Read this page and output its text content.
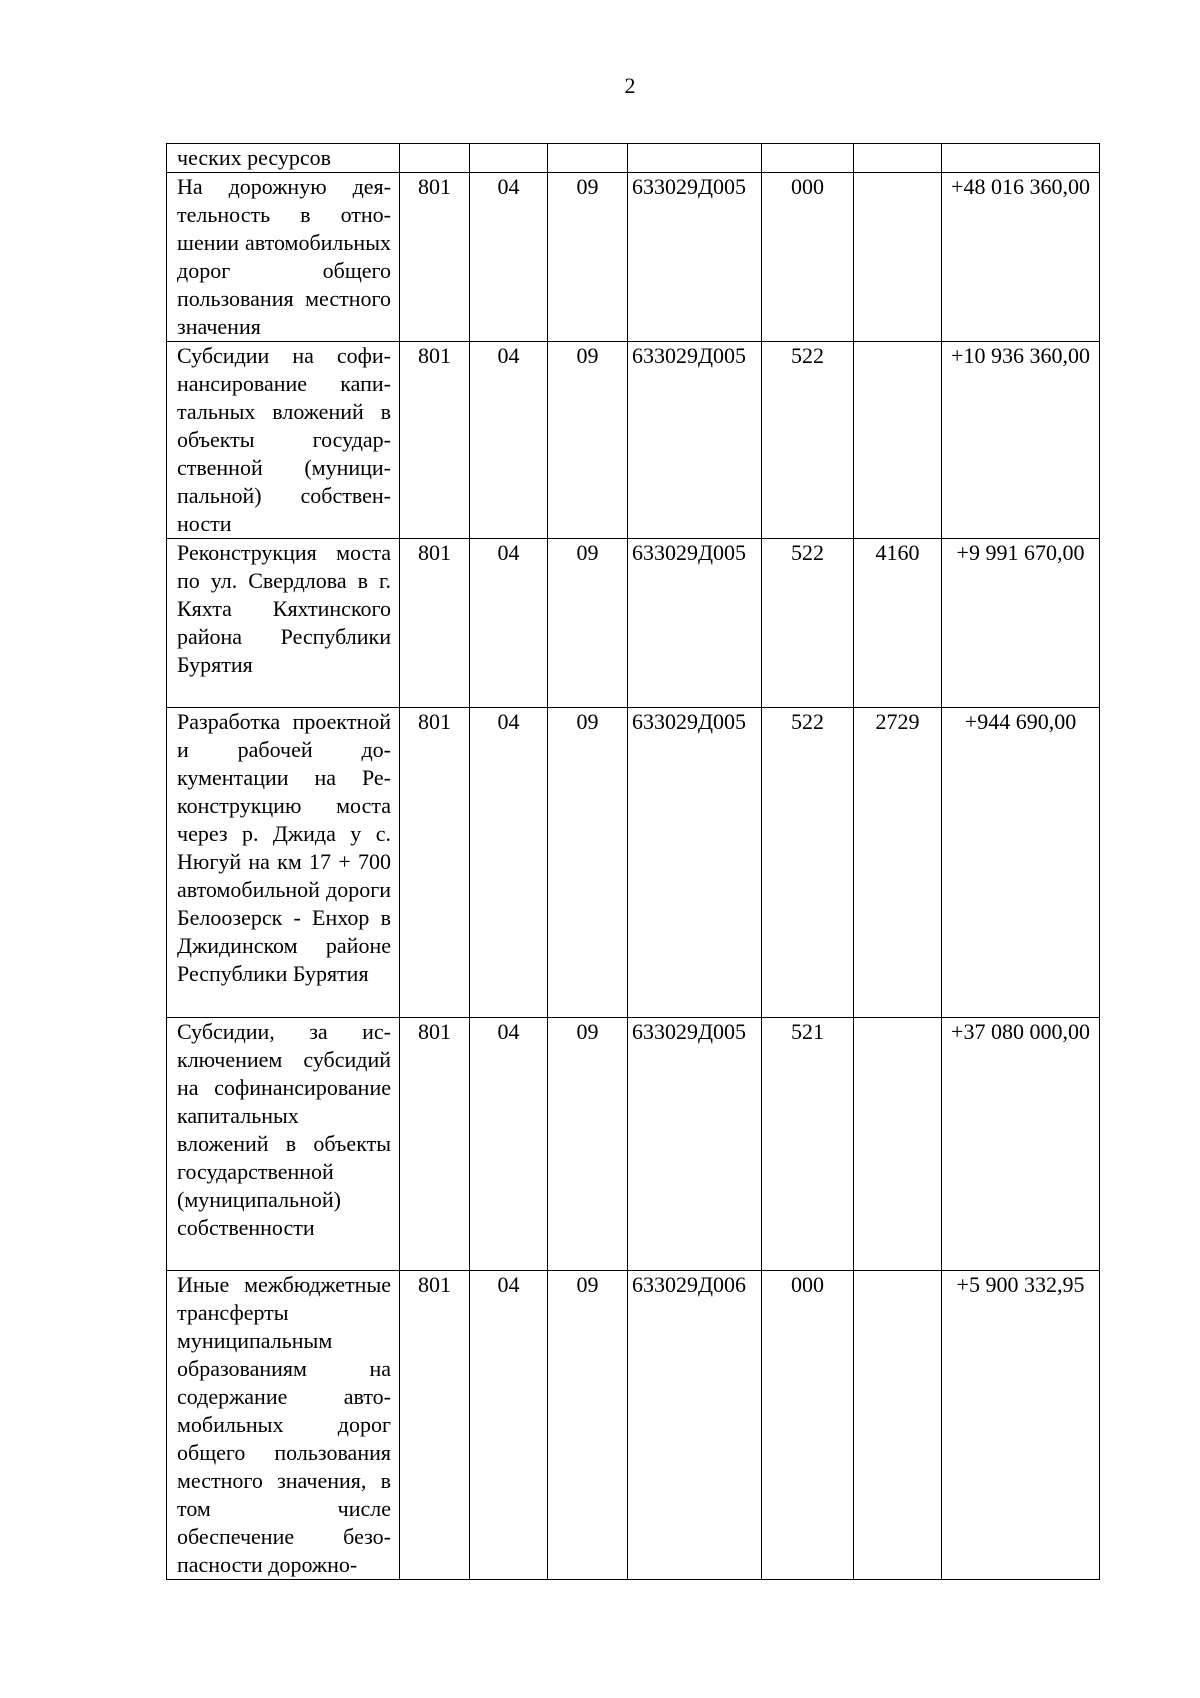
2
ческих ресурсов							
На дорожную деятельность в отношении автомобильных дорог общего пользования местного значения	801	04	09	633029Д005	000		+48 016 360,00
Субсидии на софинансирование капитальных вложений в объекты государственной (муниципальной) собственности	801	04	09	633029Д005	522		+10 936 360,00
Реконструкция моста по ул. Свердлова в г. Кяхта Кяхтинского района Республики Бурятия	801	04	09	633029Д005	522	4160	+9 991 670,00
Разработка проектной и рабочей документации на Реконструкцию моста через р. Джида у с. Нюгуй на км 17 + 700 автомобильной дороги Белоозерск - Енхор в Джидинском районе Республики Бурятия	801	04	09	633029Д005	522	2729	+944 690,00
Субсидии, за исключением субсидий на софинансирование капитальных вложений в объекты государственной (муниципальной) собственности	801	04	09	633029Д005	521		+37 080 000,00
Иные межбюджетные трансферты муниципальным образованиям на содержание автомобильных дорог общего пользования местного значения, в том числе обеспечение безопасности дорожно-	801	04	09	633029Д006	000		+5 900 332,95
